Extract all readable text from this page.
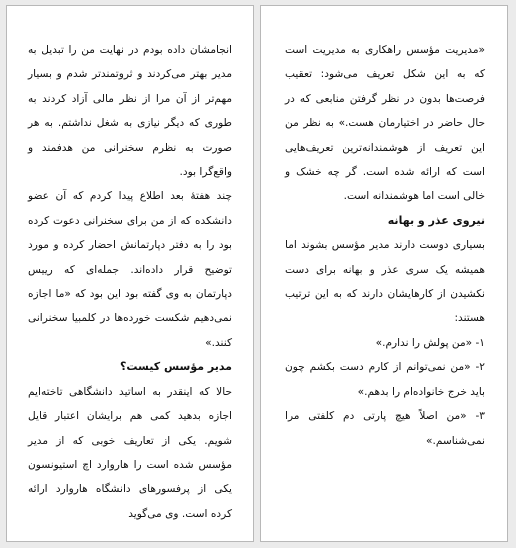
انجامشان داده بودم در نهایت من را تبدیل به مدیر بهتر می‌کردند و ثروتمندتر شدم و بسیار مهم‌تر از آن مرا از نظر مالی آزاد کردند به طوری که دیگر نیازی به شغل نداشتم. به هر صورت به نظرم سخنرانی من هدفمند و واقع‌گرا بود.

چند هفتهٔ بعد اطلاع پیدا کردم که آن عضو دانشکده که از من برای سخنرانی دعوت کرده بود را به دفتر دپارتمانش احضار کرده و مورد توضیح قرار داده‌اند. جمله‌ای که رییس دپارتمان به وی گفته بود این بود که «ما اجازه نمی‌دهیم شکست خورده‌ها در کلمبیا سخنرانی کنند.»

مدیر مؤسس کیست؟

حالا که اینقدر به اساتید دانشگاهی تاخته‌ایم اجازه بدهید کمی هم برایشان اعتبار قایل شویم. یکی از تعاریف خوبی که از مدیر مؤسس شده است را هاروارد اچ استیونسون یکی از پرفسورهای دانشگاه هاروارد ارائه کرده است. وی می‌گوید

«مدیریت مؤسس راهکاری به مدیریت است که به این شکل تعریف می‌شود: تعقیب فرصت‌ها بدون در نظر گرفتن منابعی که در حال حاضر در اختیارمان هست.» به نظر من این تعریف از هوشمندانه‌ترین تعریف‌هایی است که ارائه شده است. گر چه خشک و خالی است اما هوشمندانه است.

نیروی عذر و بهانه

بسیاری دوست دارند مدیر مؤسس بشوند اما همیشه یک سری عذر و بهانه برای دست نکشیدن از کارهایشان دارند که به این ترتیب هستند:

۱- «من پولش را ندارم.»
۲- «من نمی‌توانم از کارم دست بکشم چون باید خرج خانواده‌ام را بدهم.»
۳- «من اصلاً هیچ پارتی دم کلفتی مرا نمی‌شناسم.»
